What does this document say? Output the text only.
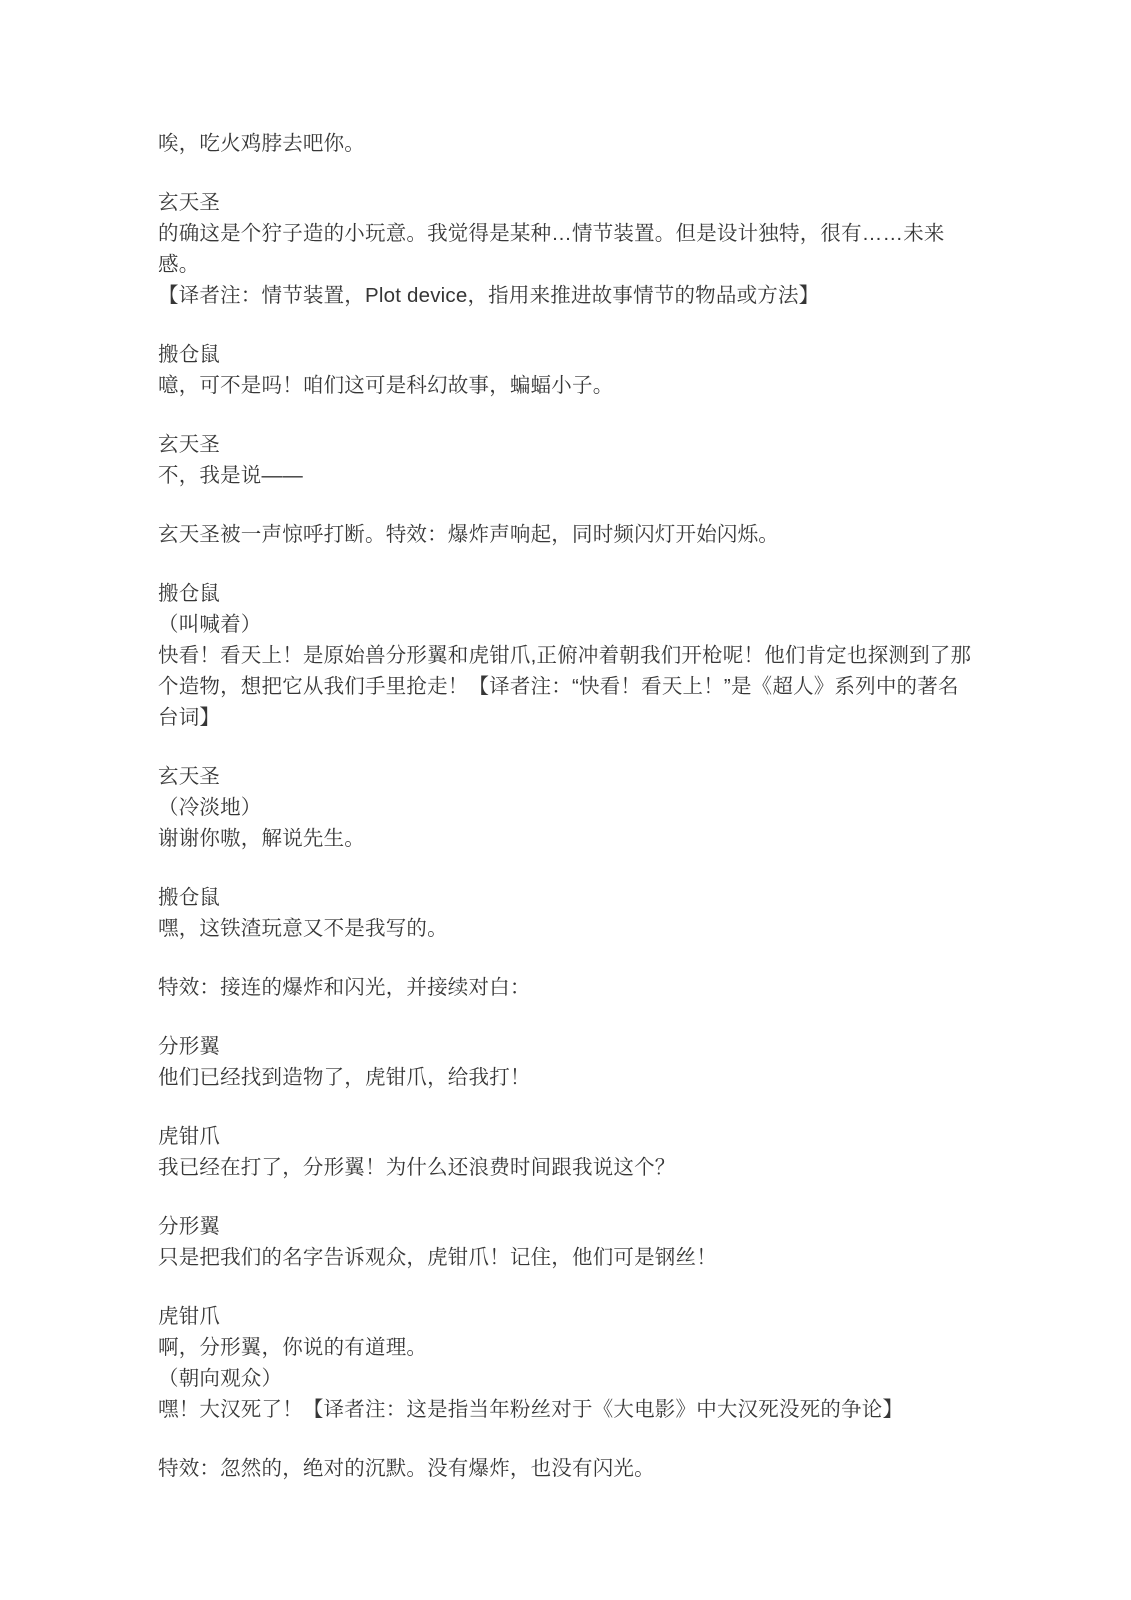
唉，吃火鸡脖去吧你。
玄天圣
的确这是个狞子造的小玩意。我觉得是某种…情节装置。但是设计独特，很有……未来感。
【译者注：情节装置，Plot device，指用来推进故事情节的物品或方法】
搬仓鼠
噫，可不是吗！咱们这可是科幻故事，蝙蝠小子。
玄天圣
不，我是说——
玄天圣被一声惊呼打断。特效：爆炸声响起，同时频闪灯开始闪烁。
搬仓鼠
（叫喊着）
快看！看天上！是原始兽分形翼和虎钳爪,正俯冲着朝我们开枪呢！他们肯定也探测到了那个造物，想把它从我们手里抢走！【译者注：“快看！看天上！”是《超人》系列中的著名台词】
玄天圣
（冷淡地）
谢谢你嗷，解说先生。
搬仓鼠
嘿，这铁渣玩意又不是我写的。
特效：接连的爆炸和闪光，并接续对白：
分形翼
他们已经找到造物了，虎钳爪，给我打！
虎钳爪
我已经在打了，分形翼！为什么还浪费时间跟我说这个？
分形翼
只是把我们的名字告诉观众，虎钳爪！记住，他们可是钢丝！
虎钳爪
啊，分形翼，你说的有道理。
（朝向观众）
嘿！大汉死了！【译者注：这是指当年粉丝对于《大电影》中大汉死没死的争论】
特效：忽然的，绝对的沉默。没有爆炸，也没有闪光。
